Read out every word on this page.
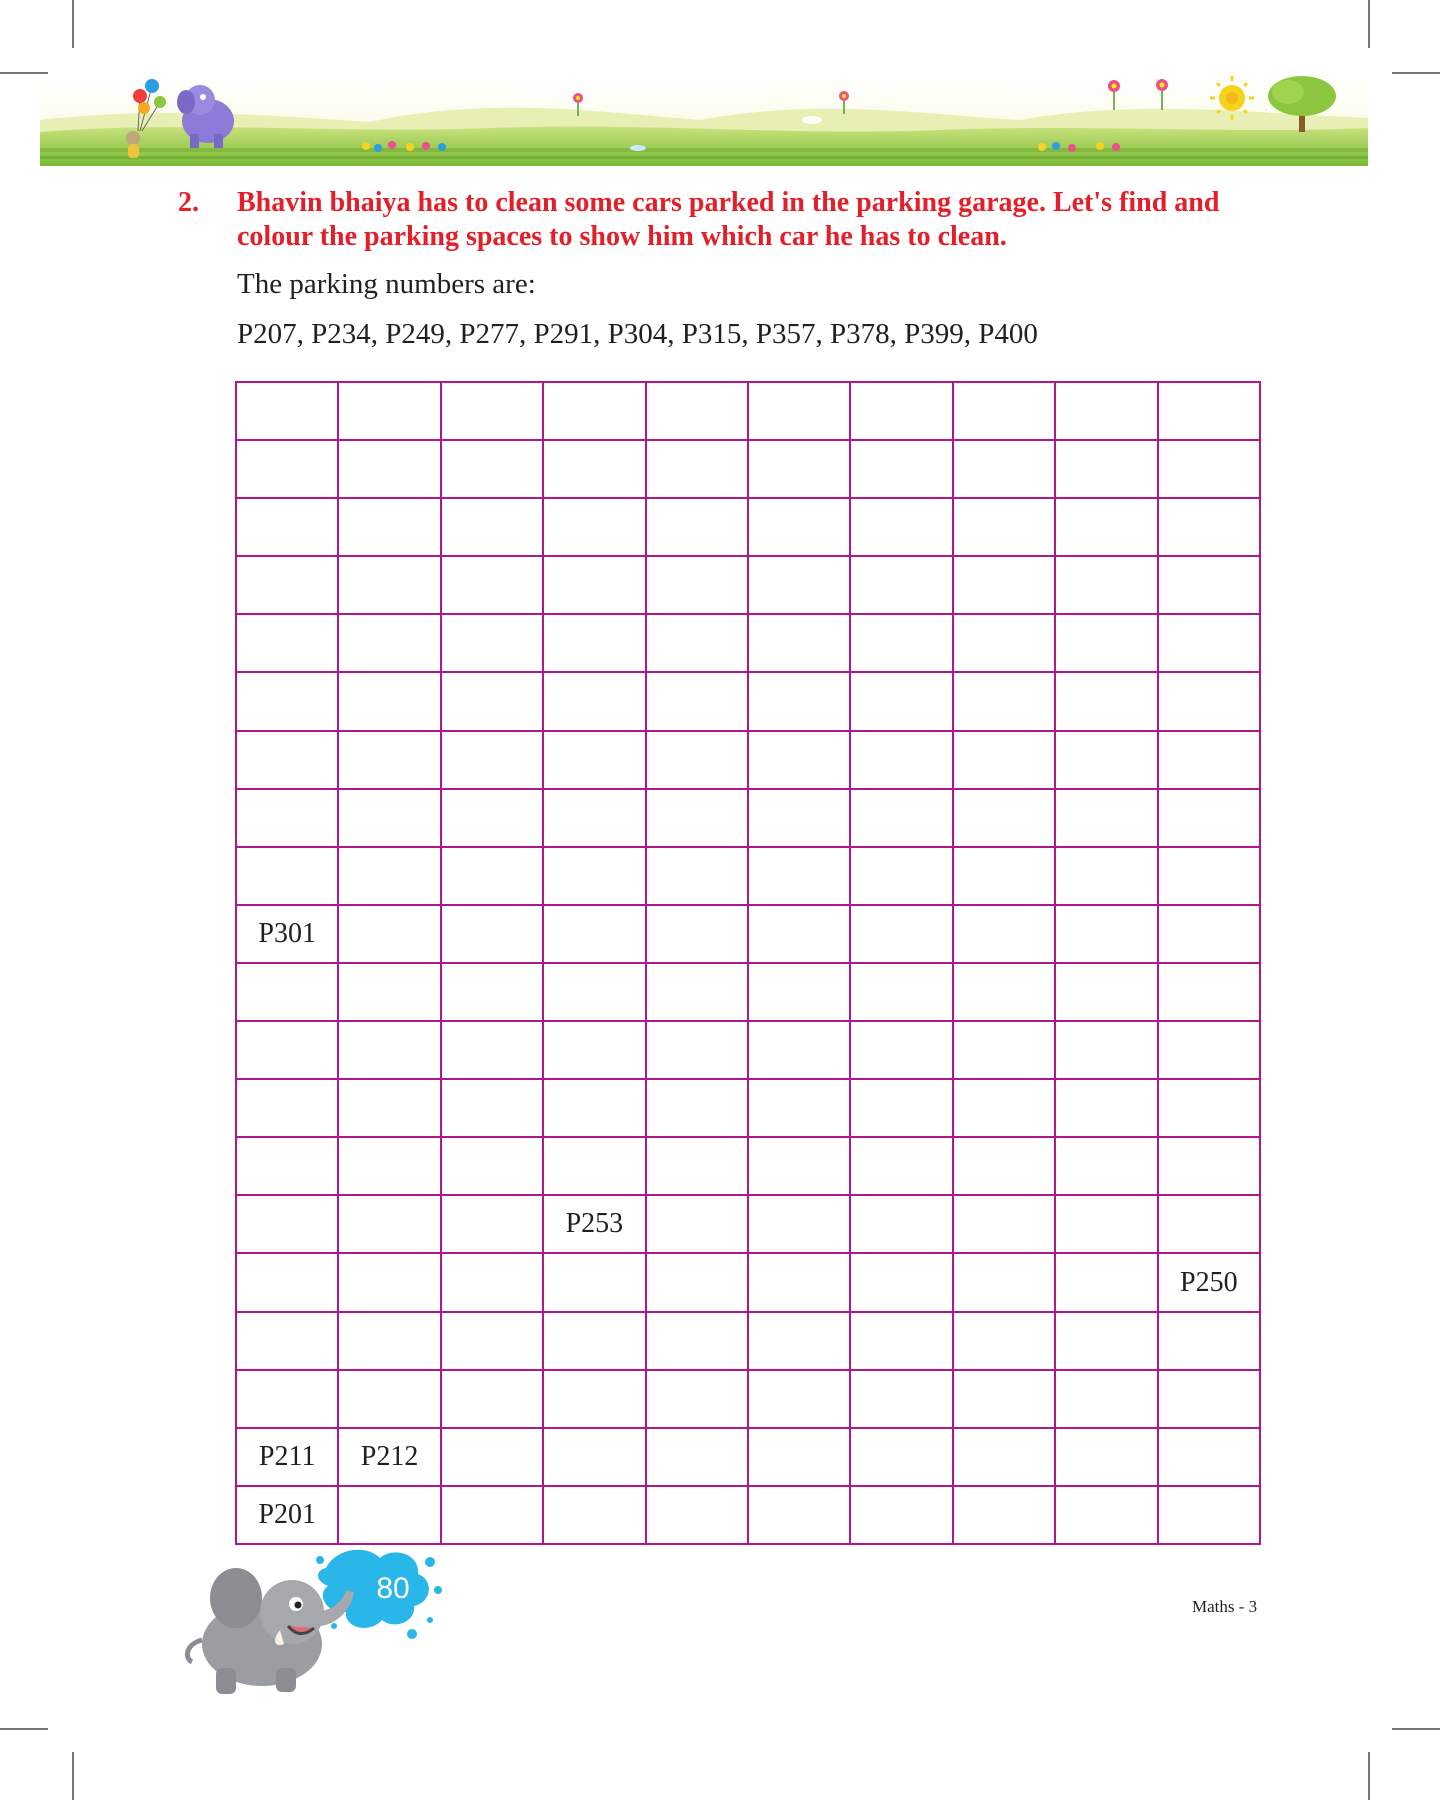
2. Bhavin bhaiya has to clean some cars parked in the parking garage. Let's find and colour the parking spaces to show him which car he has to clean.
The parking numbers are:
P207, P234, P249, P277, P291, P304, P315, P357, P378, P399, P400
P301
P253
P250
P211 P212
P201
80
Maths - 3
